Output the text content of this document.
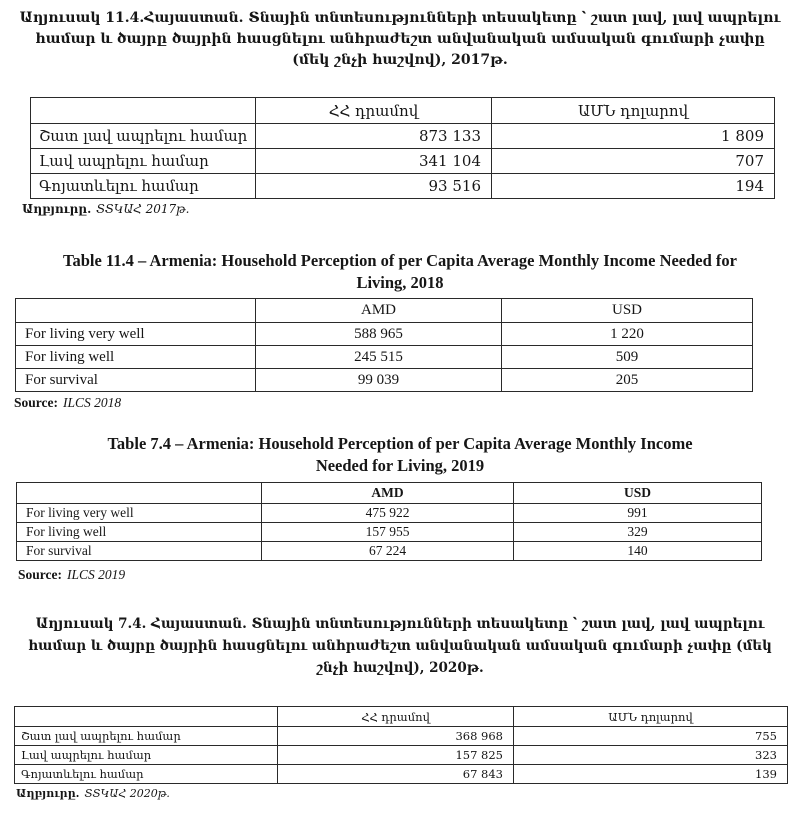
Աղյուսակ 11.4.Հայաստան. Տնային տնտեսությունների տեսակետը ՝ շատ լավ, լավ ապրելու
համար և ծայրը ծայրին հասցնելու անհրաժեշտ անվանական ամսական գումարի չափը
(մեկ շնչի հաշվով), 2017թ.
	ՀՀ դրամով	ԱՄՆ դոլարով
Շատ լավ ապրելու համար	873 133	1 809
Լավ ապրելու համար	341 104	707
Գոյատևելու համար	93 516	194
Աղբյուրը. ՏՏԿԱՀ 2017թ.
Table 11.4 – Armenia: Household Perception of per Capita Average Monthly Income Needed for
Living, 2018
	AMD	USD
For living very well	588 965	1 220
For living well	245 515	509
For survival	99 039	205
Source: ILCS 2018
Table 7.4 – Armenia: Household Perception of per Capita Average Monthly Income
Needed for Living, 2019
	AMD	USD
For living very well	475 922	991
For living well	157 955	329
For survival	67 224	140
Source: ILCS 2019
Աղյուսակ 7.4. Հայաստան. Տնային տնտեսությունների տեսակետը ՝ շատ լավ, լավ ապրելու
համար և ծայրը ծայրին հասցնելու անհրաժեշտ անվանական ամսական գումարի չափը (մեկ
շնչի հաշվով), 2020թ.
	ՀՀ դրամով	ԱՄՆ դոլարով
Շատ լավ ապրելու համար	368 968	755
Լավ ապրելու համար	157 825	323
Գոյատևելու համար	67 843	139
Աղբյուրը. ՏՏԿԱՀ 2020թ.
